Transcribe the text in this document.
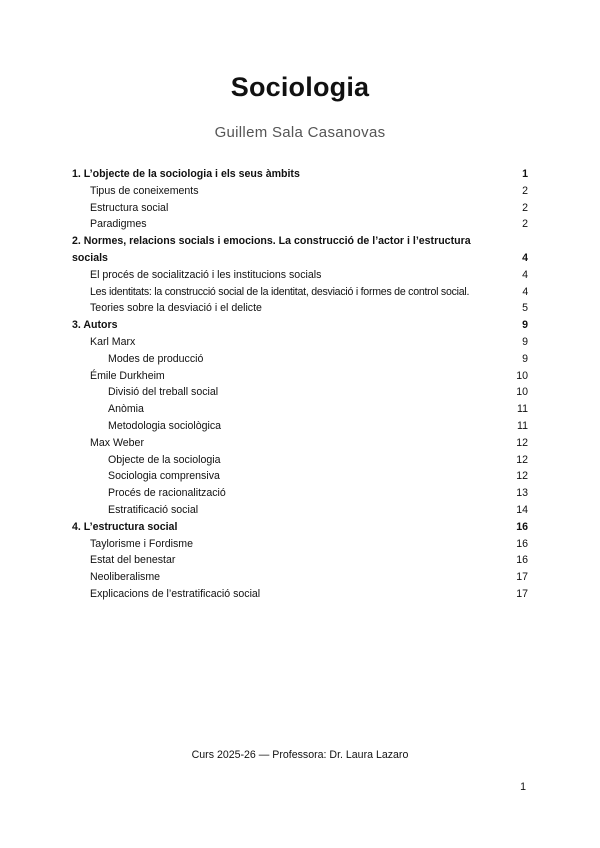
Sociologia
Guillem Sala Casanovas
1. L’objecte de la sociologia i els seus àmbits	1
Tipus de coneixements	2
Estructura social	2
Paradigmes	2
2. Normes, relacions socials i emocions. La construcció de l’actor i l’estructura socials	4
El procés de socialització i les institucions socials	4
Les identitats: la construcció social de la identitat, desviació i formes de control social.	4
Teories sobre la desviació i el delicte	5
3. Autors	9
Karl Marx	9
Modes de producció	9
Émile Durkheim	10
Divisió del treball social	10
Anòmia	11
Metodologia sociològica	11
Max Weber	12
Objecte de la sociologia	12
Sociologia comprensiva	12
Procés de racionalització	13
Estratificació social	14
4. L’estructura social	16
Taylorisme i Fordisme	16
Estat del benestar	16
Neoliberalisme	17
Explicacions de l’estratificació social	17
Curs 2025-26 — Professora: Dr. Laura Lazaro
1
